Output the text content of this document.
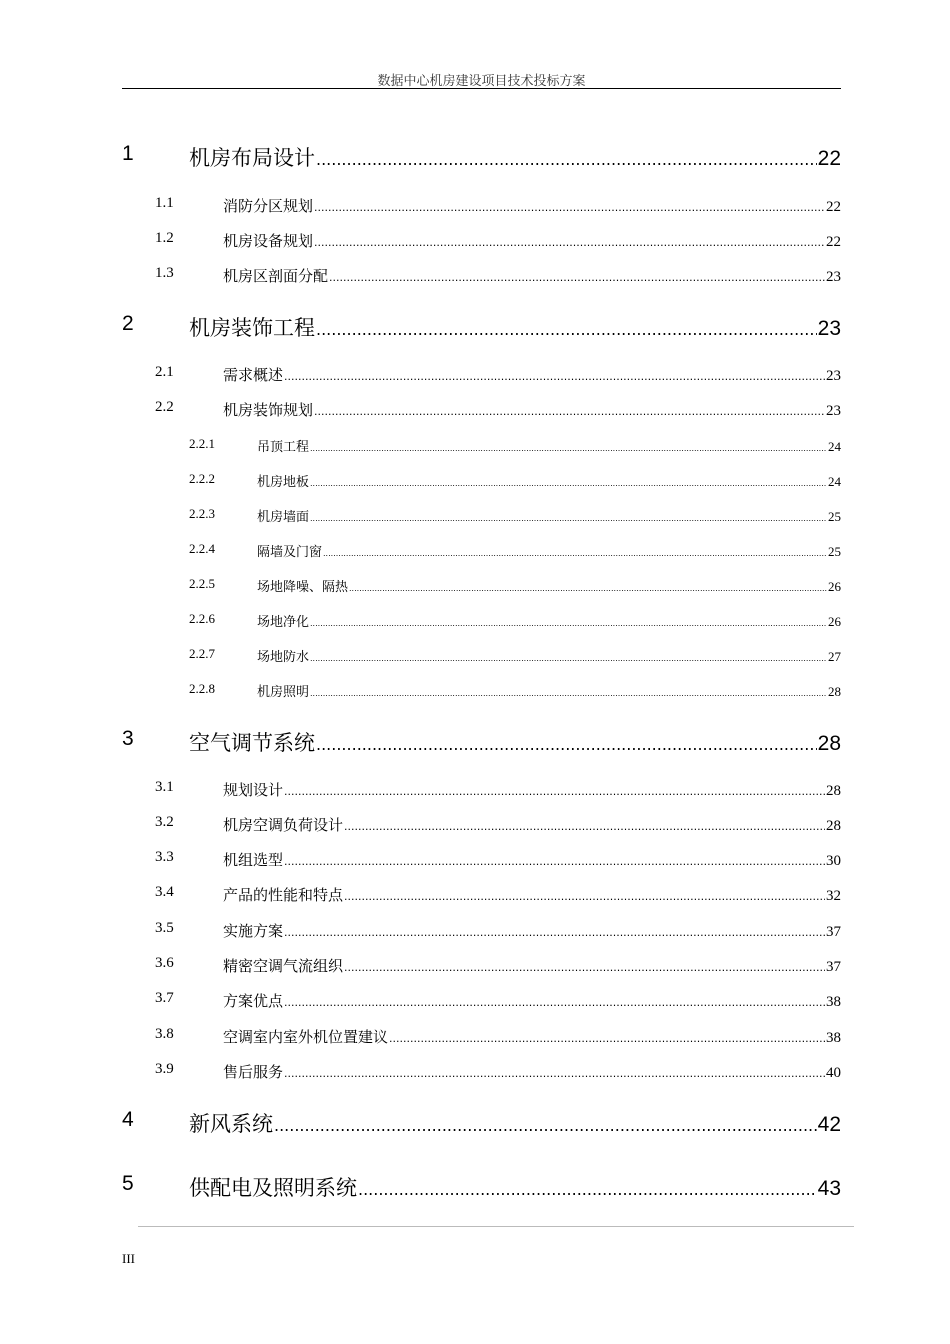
数据中心机房建设项目技术投标方案
1	机房布局设计 .....	22
1.1	消防分区规划 .....	22
1.2	机房设备规划 .....	22
1.3	机房区剖面分配 .....	23
2	机房装饰工程 .....	23
2.1	需求概述 .....	23
2.2	机房装饰规划 .....	23
2.2.1	吊顶工程 .....	24
2.2.2	机房地板 .....	24
2.2.3	机房墙面 .....	25
2.2.4	隔墙及门窗 .....	25
2.2.5	场地降噪、隔热 .....	26
2.2.6	场地净化 .....	26
2.2.7	场地防水 .....	27
2.2.8	机房照明 .....	28
3	空气调节系统 .....	28
3.1	规划设计 .....	28
3.2	机房空调负荷设计 .....	28
3.3	机组选型 .....	30
3.4	产品的性能和特点 .....	32
3.5	实施方案 .....	37
3.6	精密空调气流组织 .....	37
3.7	方案优点 .....	38
3.8	空调室内室外机位置建议 .....	38
3.9	售后服务 .....	40
4	新风系统 .....	42
5	供配电及照明系统 .....	43
III
